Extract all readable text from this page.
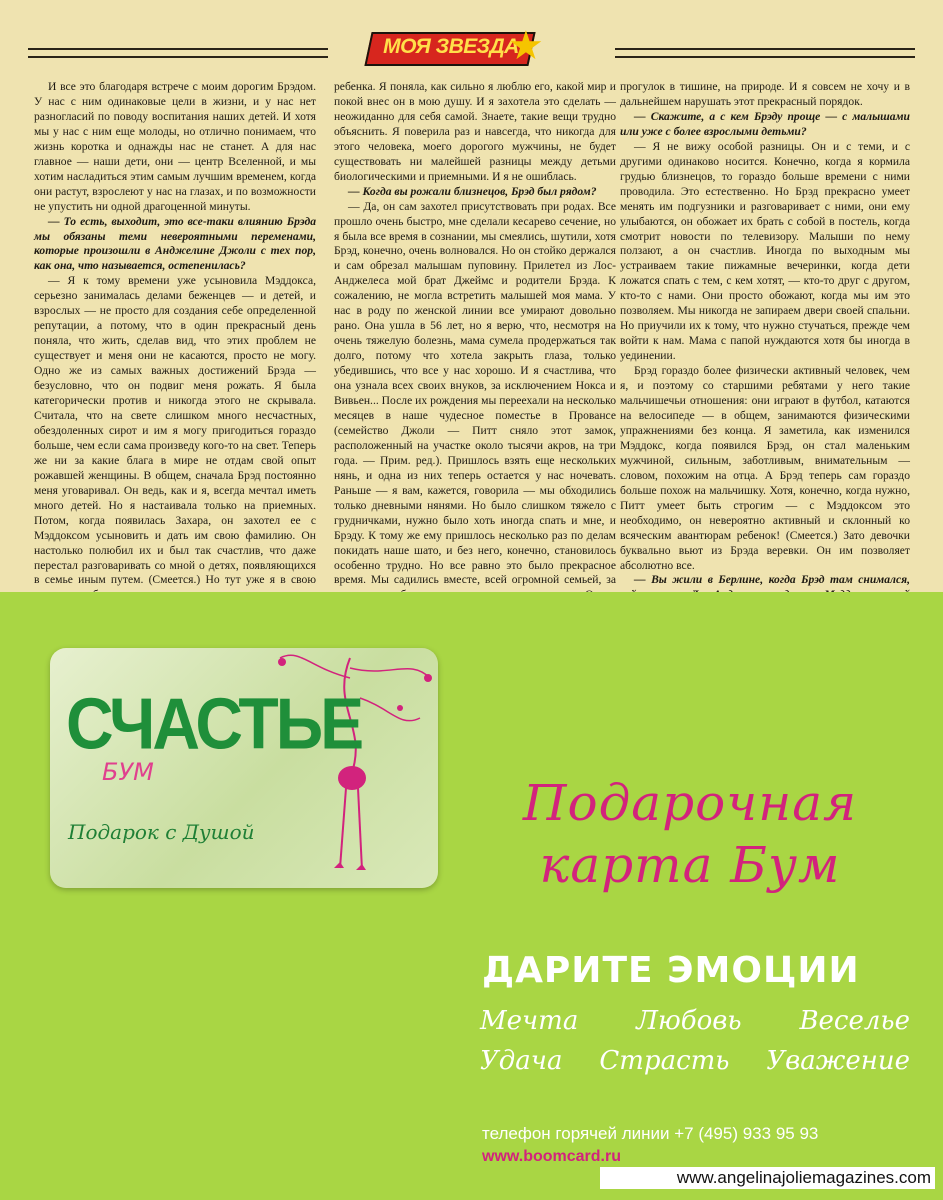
МОЯ ЗВЕЗДА
★

И все это благодаря встрече с моим дорогим Брэдом. У нас с ним одинаковые цели в жизни, и у нас нет разногласий по поводу воспитания наших детей. И хотя мы у нас с ним еще молоды, но отлично понимаем, что жизнь коротка и однажды нас не станет. А для нас главное — наши дети, они — центр Вселенной, и мы хотим насладиться этим самым лучшим временем, когда они растут, взрослеют у нас на глазах, и по возможности не упустить ни одной драгоценной минуты.

— То есть, выходит, это все-таки влиянию Брэда мы обязаны теми невероятными переменами, которые произошли в Анджелине Джоли с тех пор, как она, что называется, остепенилась?

— Я к тому времени уже усыновила Мэддокса, серьезно занималась делами беженцев — и детей, и взрослых — не просто для создания себе определенной репутации, а потому, что в один прекрасный день поняла, что жить, сделав вид, что этих проблем не существует и меня они не касаются, просто не могу. Одно же из самых важных достижений Брэда — безусловно, что он подвиг меня рожать. Я была категорически против и никогда этого не скрывала. Считала, что на свете слишком много несчастных, обездоленных сирот и им я могу пригодиться гораздо больше, чем если сама произведу кого-то на свет. Теперь же ни за какие блага в мире не отдам свой опыт рожавшей женщины. В общем, сначала Брэд постоянно меня уговаривал. Он ведь, как и я, всегда мечтал иметь много детей. Но я настаивала только на приемных. Потом, когда появилась Захара, он захотел ее с Мэддоксом усыновить и дать им свою фамилию. Он настолько полюбил их и был так счастлив, что даже перестал разговаривать со мной о детях, появляющихся в семье иным путем. (Смеется.) Но тут уже я в свою

ребенка. Я поняла, как сильно я люблю его, какой мир и покой внес он в мою душу. И я захотела это сделать — неожиданно для себя самой. Знаете, такие вещи трудно объяснить. Я поверила раз и навсегда, что никогда для этого человека, моего дорогого мужчины, не будет существовать ни малейшей разницы между детьми биологическими и приемными. И я не ошиблась.

— Когда вы рожали близнецов, Брэд был рядом?

— Да, он сам захотел присутствовать при родах. Все прошло очень быстро, мне сделали кесарево сечение, но я была все время в сознании, мы смеялись, шутили, хотя Брэд, конечно, очень волновался. Но он стойко держался и сам обрезал малышам пуповину. Прилетел из Лос-Анджелеса мой брат Джеймс и родители Брэда. К сожалению, не могла встретить малышей моя мама. У нас в роду по женской линии все умирают довольно рано. Она ушла в 56 лет, но я верю, что, несмотря на очень тяжелую болезнь, мама сумела продержаться так долго, потому что хотела закрыть глаза, только убедившись, что все у нас хорошо. И я счастлива, что она узнала всех своих внуков, за исключением Нокса и Вивьен... После их рождения мы переехали на несколько месяцев в наше чудесное поместье в Провансе (семейство Джоли — Питт сняло этот замок, расположенный на участке около тысячи акров, на три года. — Прим. ред.). Пришлось взять еще нескольких нянь, и одна из них теперь остается у нас ночевать. Раньше — я вам, кажется, говорила — мы обходились только дневными нянями. Но было слишком тяжело с грудничками, нужно было хоть иногда спать и мне, и Брэду. К тому же ему пришлось несколько раз по делам покидать наше шато, и без него, конечно, становилось особенно трудно. Но все равно это было прекрасное время. Мы садились вместе, всей огромной семьей, за

прогулок в тишине, на природе. И я совсем не хочу и в дальнейшем нарушать этот прекрасный порядок.

— Скажите, а с кем Брэду проще — с малышами или уже с более взрослыми детьми?

— Я не вижу особой разницы. Он и с теми, и с другими одинаково носится. Конечно, когда я кормила грудью близнецов, то гораздо больше времени с ними проводила. Это естественно. Но Брэд прекрасно умеет менять им подгузники и разговаривает с ними, они ему улыбаются, он обожает их брать с собой в постель, когда смотрит новости по телевизору. Малыши по нему ползают, а он счастлив. Иногда по выходным мы устраиваем такие пижамные вечеринки, когда дети ложатся спать с тем, с кем хотят, — кто-то друг с другом, кто-то с нами. Они просто обожают, когда мы им это позволяем. Мы никогда не запираем двери своей спальни. Но приучили их к тому, что нужно стучаться, прежде чем войти к нам. Мама с папой нуждаются хотя бы иногда в уединении.

Брэд гораздо более физически активный человек, чем я, и поэтому со старшими ребятами у него такие мальчишечьи отношения: они играют в футбол, катаются на велосипеде — в общем, занимаются физическими упражнениями без конца. Я заметила, как изменился Мэддокс, когда появился Брэд, он стал маленьким мужчиной, сильным, заботливым, внимательным — словом, похожим на отца. А Брэд теперь сам гораздо больше похож на мальчишку. Хотя, конечно, когда нужно, Питт умеет быть строгим — с Мэддоксом это необходимо, он невероятно активный и склонный ко всяческим авантюрам ребенок! (Смеется.) Зато девочки буквально вьют из Брэда веревки. Он им позволяет абсолютно все.

— Вы жили в Берлине, когда Брэд там снимался,

СЧАСТЬЕ
БУМ
Подарок с Душой	Подарочная
карта Бум
ДАРИТЕ ЭМОЦИИ
Мечта Любовь Веселье
Удача Страсть Уважение
телефон горячей линии +7 (495) 933 95 93
www.boomcard.ru
www.angelinajoliemagazines.com
